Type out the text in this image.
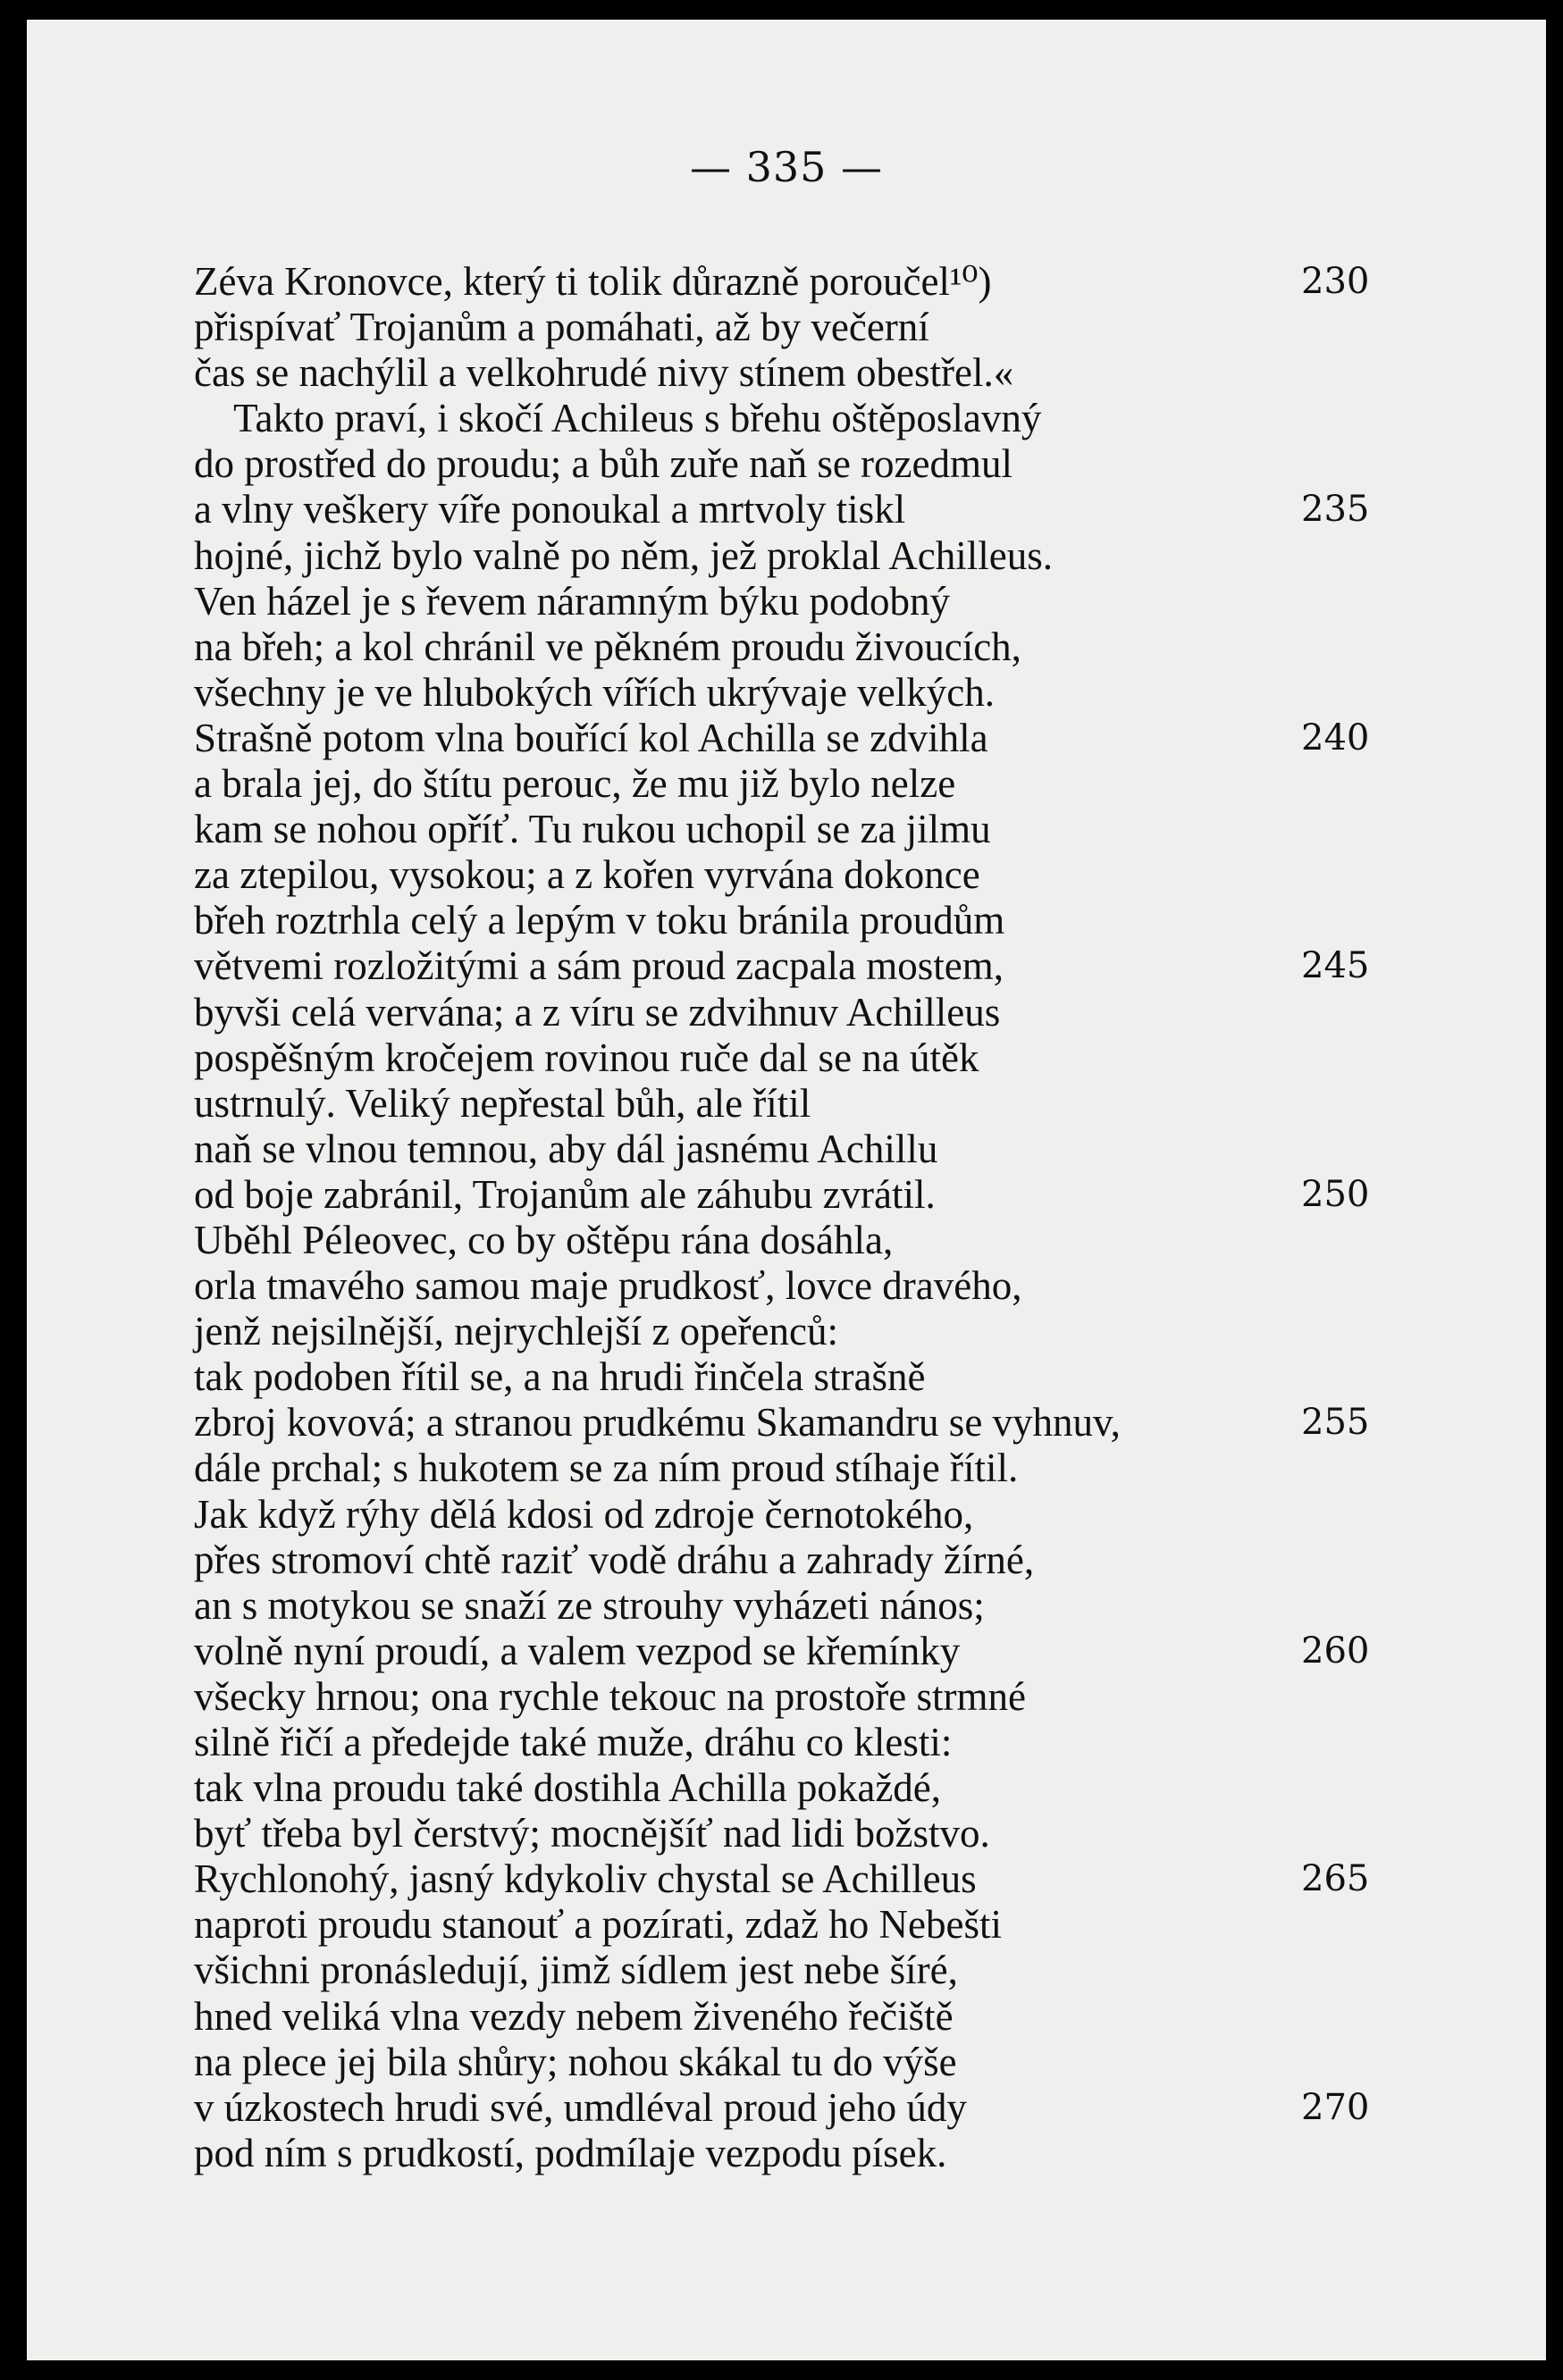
— 335 —
Zéva Kronovce, který ti tolik důrazně poroučel¹⁰)	230
přispívať Trojanům a pomáhati, až by večerní
čas se nachýlil a velkohrudé nivy stínem obestřel.«
Takto praví, i skočí Achileus s břehu oštěposlavný
do prostřed do proudu; a bůh zuře naň se rozedmul
a vlny veškery víře ponoukal a mrtvoly tiskl	235
hojné, jichž bylo valně po něm, jež proklal Achilleus.
Ven házel je s řevem náramným býku podobný
na břeh; a kol chránil ve pěkném proudu živoucích,
všechny je ve hlubokých vířích ukrývaje velkých.
Strašně potom vlna bouřící kol Achilla se zdvihla	240
a brala jej, do štítu perouc, že mu již bylo nelze
kam se nohou opříť. Tu rukou uchopil se za jilmu
za ztepilou, vysokou; a z kořen vyrvána dokonce
břeh roztrhla celý a lepým v toku bránila proudům
větvemi rozložitými a sám proud zacpala mostem,	245
byvši celá vervána; a z víru se zdvihnuv Achilleus
pospěšným kročejem rovinou ruče dal se na útěk
ustrnulý. Veliký nepřestal bůh, ale řítil
naň se vlnou temnou, aby dál jasnému Achillu
od boje zabránil, Trojanům ale záhubu zvrátil.	250
Uběhl Péleovec, co by oštěpu rána dosáhla,
orla tmavého samou maje prudkosť, lovce dravého,
jenž nejsilnější, nejrychlejší z opeřenců:
tak podoben řítil se, a na hrudi řinčela strašně
zbroj kovová; a stranou prudkému Skamandru se vyhnuv,	255
dále prchal; s hukotem se za ním proud stíhaje řítil.
Jak když rýhy dělá kdosi od zdroje černotokého,
přes stromoví chtě raziť vodě dráhu a zahrady žírné,
an s motykou se snaží ze strouhy vyházeti nános;
volně nyní proudí, a valem vezpod se křemínky	260
všecky hrnou; ona rychle tekouc na prostoře strmné
silně řičí a předejde také muže, dráhu co klesti:
tak vlna proudu také dostihla Achilla pokaždé,
byť třeba byl čerstvý; mocnějšíť nad lidi božstvo.
Rychlonohý, jasný kdykoliv chystal se Achilleus	265
naproti proudu stanouť a pozírati, zdaž ho Nebešti
všichni pronásledují, jimž sídlem jest nebe šíré,
hned veliká vlna vezdy nebem živeného řečiště
na plece jej bila shůry; nohou skákal tu do výše
v úzkostech hrudi své, umdléval proud jeho údy	270
pod ním s prudkostí, podmílaje vezpodu písek.
